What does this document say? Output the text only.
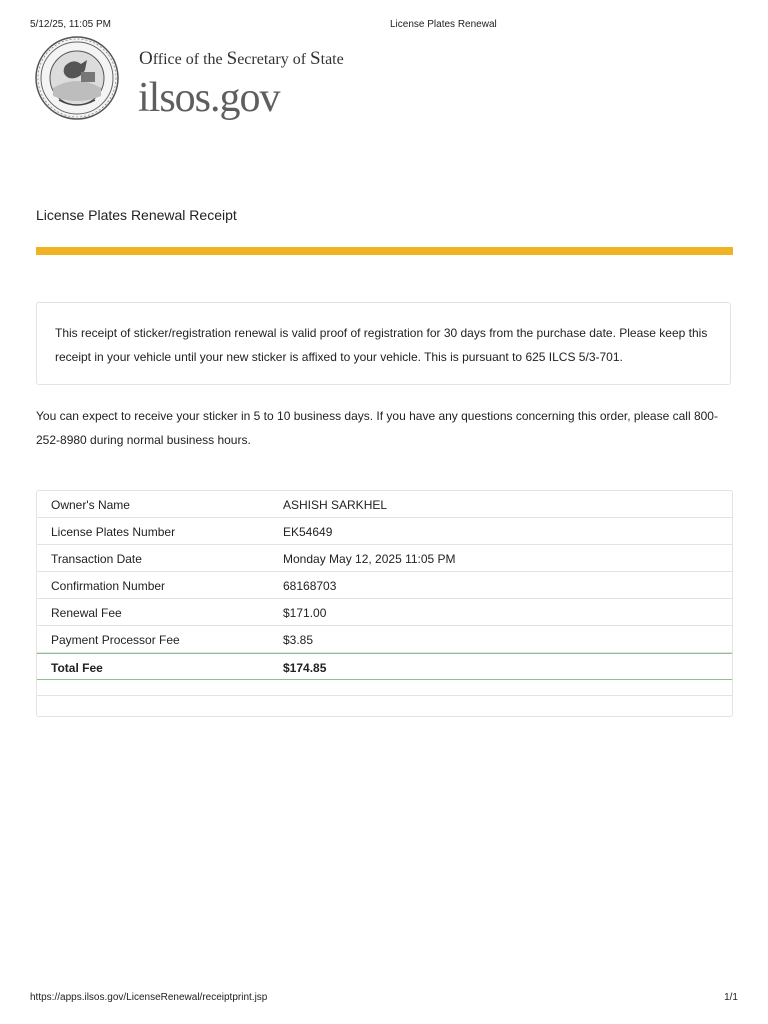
5/12/25, 11:05 PM	License Plates Renewal
Office of the Secretary of State
ilsos.gov
License Plates Renewal Receipt

This receipt of sticker/registration renewal is valid proof of registration for 30 days from the purchase date. Please keep this receipt in your vehicle until your new sticker is affixed to your vehicle. This is pursuant to 625 ILCS 5/3-701.

You can expect to receive your sticker in 5 to 10 business days. If you have any questions concerning this order, please call 800-252-8980 during normal business hours.

Owner's Name	ASHISH SARKHEL
License Plates Number	EK54649
Transaction Date	Monday May 12, 2025 11:05 PM
Confirmation Number	68168703
Renewal Fee	$171.00
Payment Processor Fee	$3.85
Total Fee	$174.85
https://apps.ilsos.gov/LicenseRenewal/receiptprint.jsp	1/1
